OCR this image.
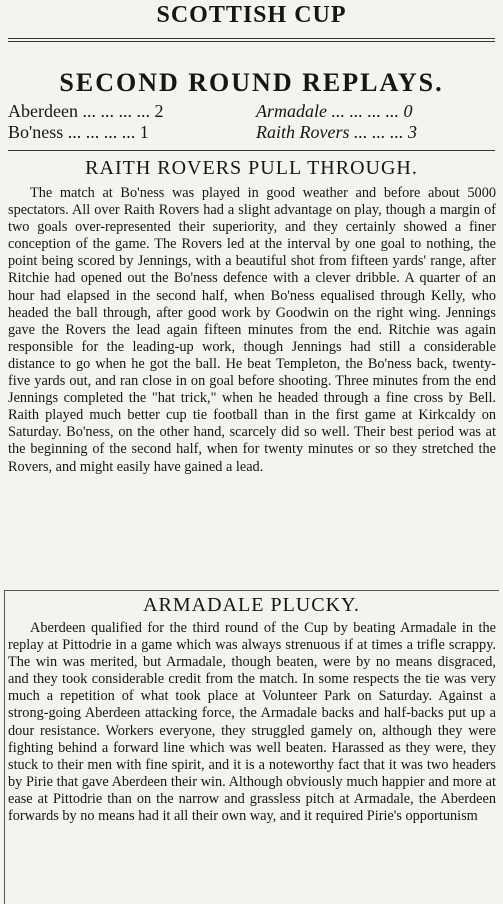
SCOTTISH CUP
SECOND ROUND REPLAYS.
Aberdeen ... ... ... ... 2	Armadale ... ... ... ... 0
Bo'ness ... ... ... ... 1	Raith Rovers ... ... ... 3
RAITH ROVERS PULL THROUGH.

The match at Bo'ness was played in good weather and before about 5000 spectators. All over Raith Rovers had a slight advantage on play, though a margin of two goals over-represented their superiority, and they certainly showed a finer conception of the game. The Rovers led at the interval by one goal to nothing, the point being scored by Jennings, with a beautiful shot from fifteen yards' range, after Ritchie had opened out the Bo'ness defence with a clever dribble. A quarter of an hour had elapsed in the second half, when Bo'ness equalised through Kelly, who headed the ball through, after good work by Goodwin on the right wing. Jennings gave the Rovers the lead again fifteen minutes from the end. Ritchie was again responsible for the leading-up work, though Jennings had still a considerable distance to go when he got the ball. He beat Templeton, the Bo'ness back, twenty-five yards out, and ran close in on goal before shooting. Three minutes from the end Jennings completed the "hat trick," when he headed through a fine cross by Bell. Raith played much better cup tie football than in the first game at Kirkcaldy on Saturday. Bo'ness, on the other hand, scarcely did so well. Their best period was at the beginning of the second half, when for twenty minutes or so they stretched the Rovers, and might easily have gained a lead.

ARMADALE PLUCKY.

Aberdeen qualified for the third round of the Cup by beating Armadale in the replay at Pittodrie in a game which was always strenuous if at times a trifle scrappy. The win was merited, but Armadale, though beaten, were by no means disgraced, and they took considerable credit from the match. In some respects the tie was very much a repetition of what took place at Volunteer Park on Saturday. Against a strong-going Aberdeen attacking force, the Armadale backs and half-backs put up a dour resistance. Workers everyone, they struggled gamely on, although they were fighting behind a forward line which was well beaten. Harassed as they were, they stuck to their men with fine spirit, and it is a noteworthy fact that it was two headers by Pirie that gave Aberdeen their win. Although obviously much happier and more at ease at Pittodrie than on the narrow and grassless pitch at Armadale, the Aberdeen forwards by no means had it all their own way, and it required Pirie's opportunism
